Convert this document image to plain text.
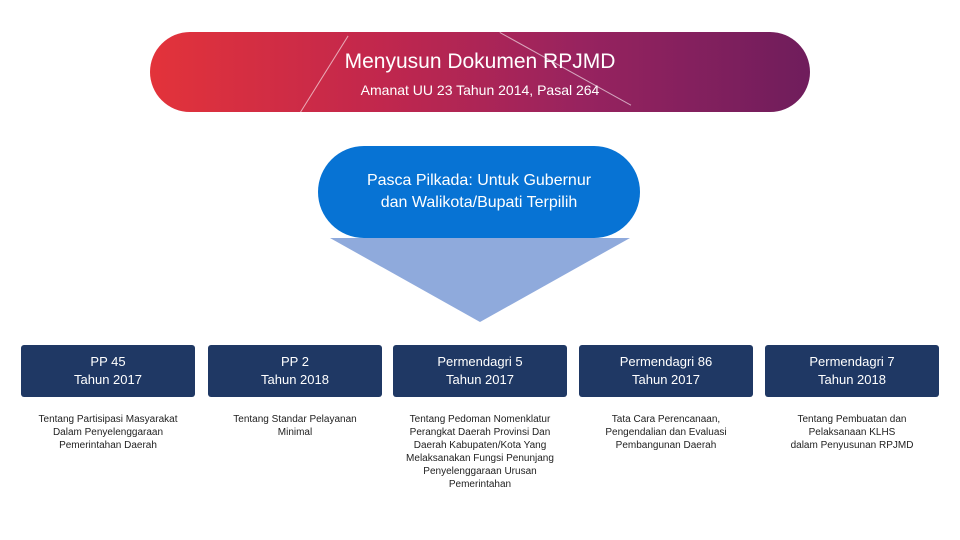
Menyusun Dokumen RPJMD
Amanat UU 23 Tahun 2014, Pasal 264
Pasca Pilkada: Untuk Gubernur
dan Walikota/Bupati Terpilih
PP 45
Tahun 2017
Tentang Partisipasi Masyarakat
Dalam Penyelenggaraan
Pemerintahan Daerah
PP 2
Tahun 2018
Tentang Standar Pelayanan
Minimal
Permendagri 5
Tahun 2017
Tentang Pedoman Nomenklatur
Perangkat Daerah Provinsi Dan
Daerah Kabupaten/Kota Yang
Melaksanakan Fungsi Penunjang
Penyelenggaraan Urusan
Pemerintahan
Permendagri 86
Tahun 2017
Tata Cara Perencanaan,
Pengendalian dan Evaluasi
Pembangunan Daerah
Permendagri 7
Tahun 2018
Tentang Pembuatan dan
Pelaksanaan KLHS
dalam Penyusunan RPJMD
